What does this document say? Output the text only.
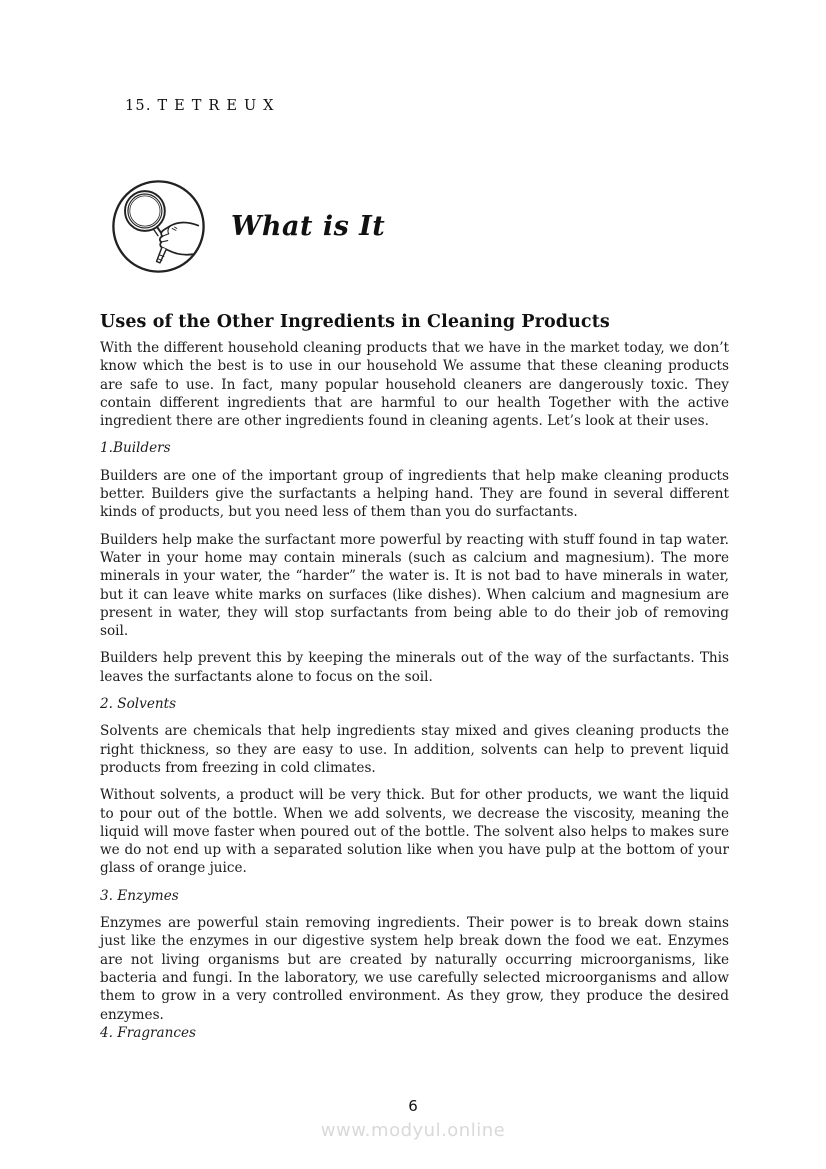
15. T E T R E U X
What is It
Uses of the Other Ingredients in Cleaning Products

With the different household cleaning products that we have in the market today, we don’t know which the best is to use in our household We assume that these cleaning products are safe to use. In fact, many popular household cleaners are dangerously toxic. They contain different ingredients that are harmful to our health Together with the active ingredient there are other ingredients found in cleaning agents. Let’s look at their uses.

1.Builders

Builders are one of the important group of ingredients that help make cleaning products better. Builders give the surfactants a helping hand. They are found in several different kinds of products, but you need less of them than you do surfactants.

Builders help make the surfactant more powerful by reacting with stuff found in tap water. Water in your home may contain minerals (such as calcium and magnesium). The more minerals in your water, the “harder” the water is. It is not bad to have minerals in water, but it can leave white marks on surfaces (like dishes). When calcium and magnesium are present in water, they will stop surfactants from being able to do their job of removing soil.

Builders help prevent this by keeping the minerals out of the way of the surfactants. This leaves the surfactants alone to focus on the soil.

2. Solvents

Solvents are chemicals that help ingredients stay mixed and gives cleaning products the right thickness, so they are easy to use. In addition, solvents can help to prevent liquid products from freezing in cold climates.

Without solvents, a product will be very thick. But for other products, we want the liquid to pour out of the bottle. When we add solvents, we decrease the viscosity, meaning the liquid will move faster when poured out of the bottle. The solvent also helps to makes sure we do not end up with a separated solution like when you have pulp at the bottom of your glass of orange juice.

3. Enzymes

Enzymes are powerful stain removing ingredients. Their power is to break down stains just like the enzymes in our digestive system help break down the food we eat. Enzymes are not living organisms but are created by naturally occurring microorganisms, like bacteria and fungi. In the laboratory, we use carefully selected microorganisms and allow them to grow in a very controlled environment. As they grow, they produce the desired enzymes.

4. Fragrances

6
www.modyul.online
